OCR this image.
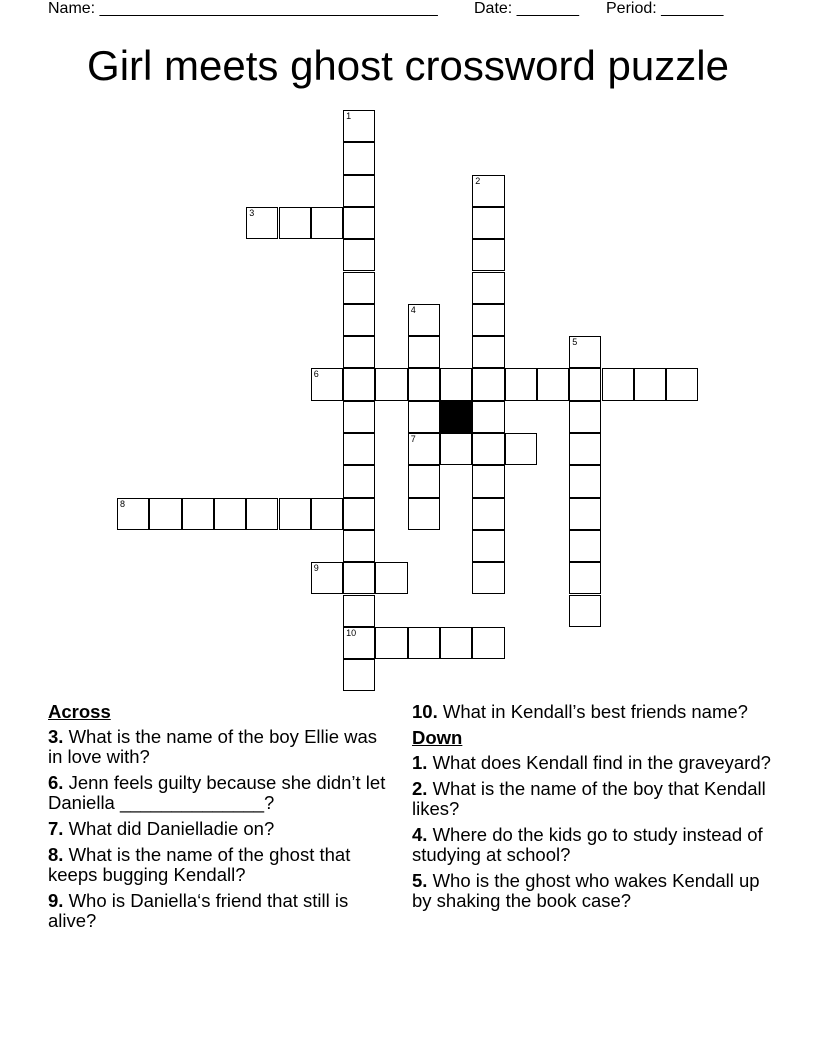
Name: ______________________________________

Date: _______

Period: _______

Girl meets ghost crossword puzzle
1
10
2
3
4
7
5
6
8
9
Across
3. What is the name of the boy Ellie was in love with?
6. Jenn feels guilty because she didn’t let Daniella ______________?
7. What did Danielladie on?
8. What is the name of the ghost that keeps bugging Kendall?
9. Who is Daniella‘s friend that still is alive?
10. What in Kendall’s best friends name?
Down
1. What does Kendall find in the graveyard?
2. What is the name of the boy that Kendall likes?
4. Where do the kids go to study instead of studying at school?
5. Who is the ghost who wakes Kendall up by shaking the book case?
